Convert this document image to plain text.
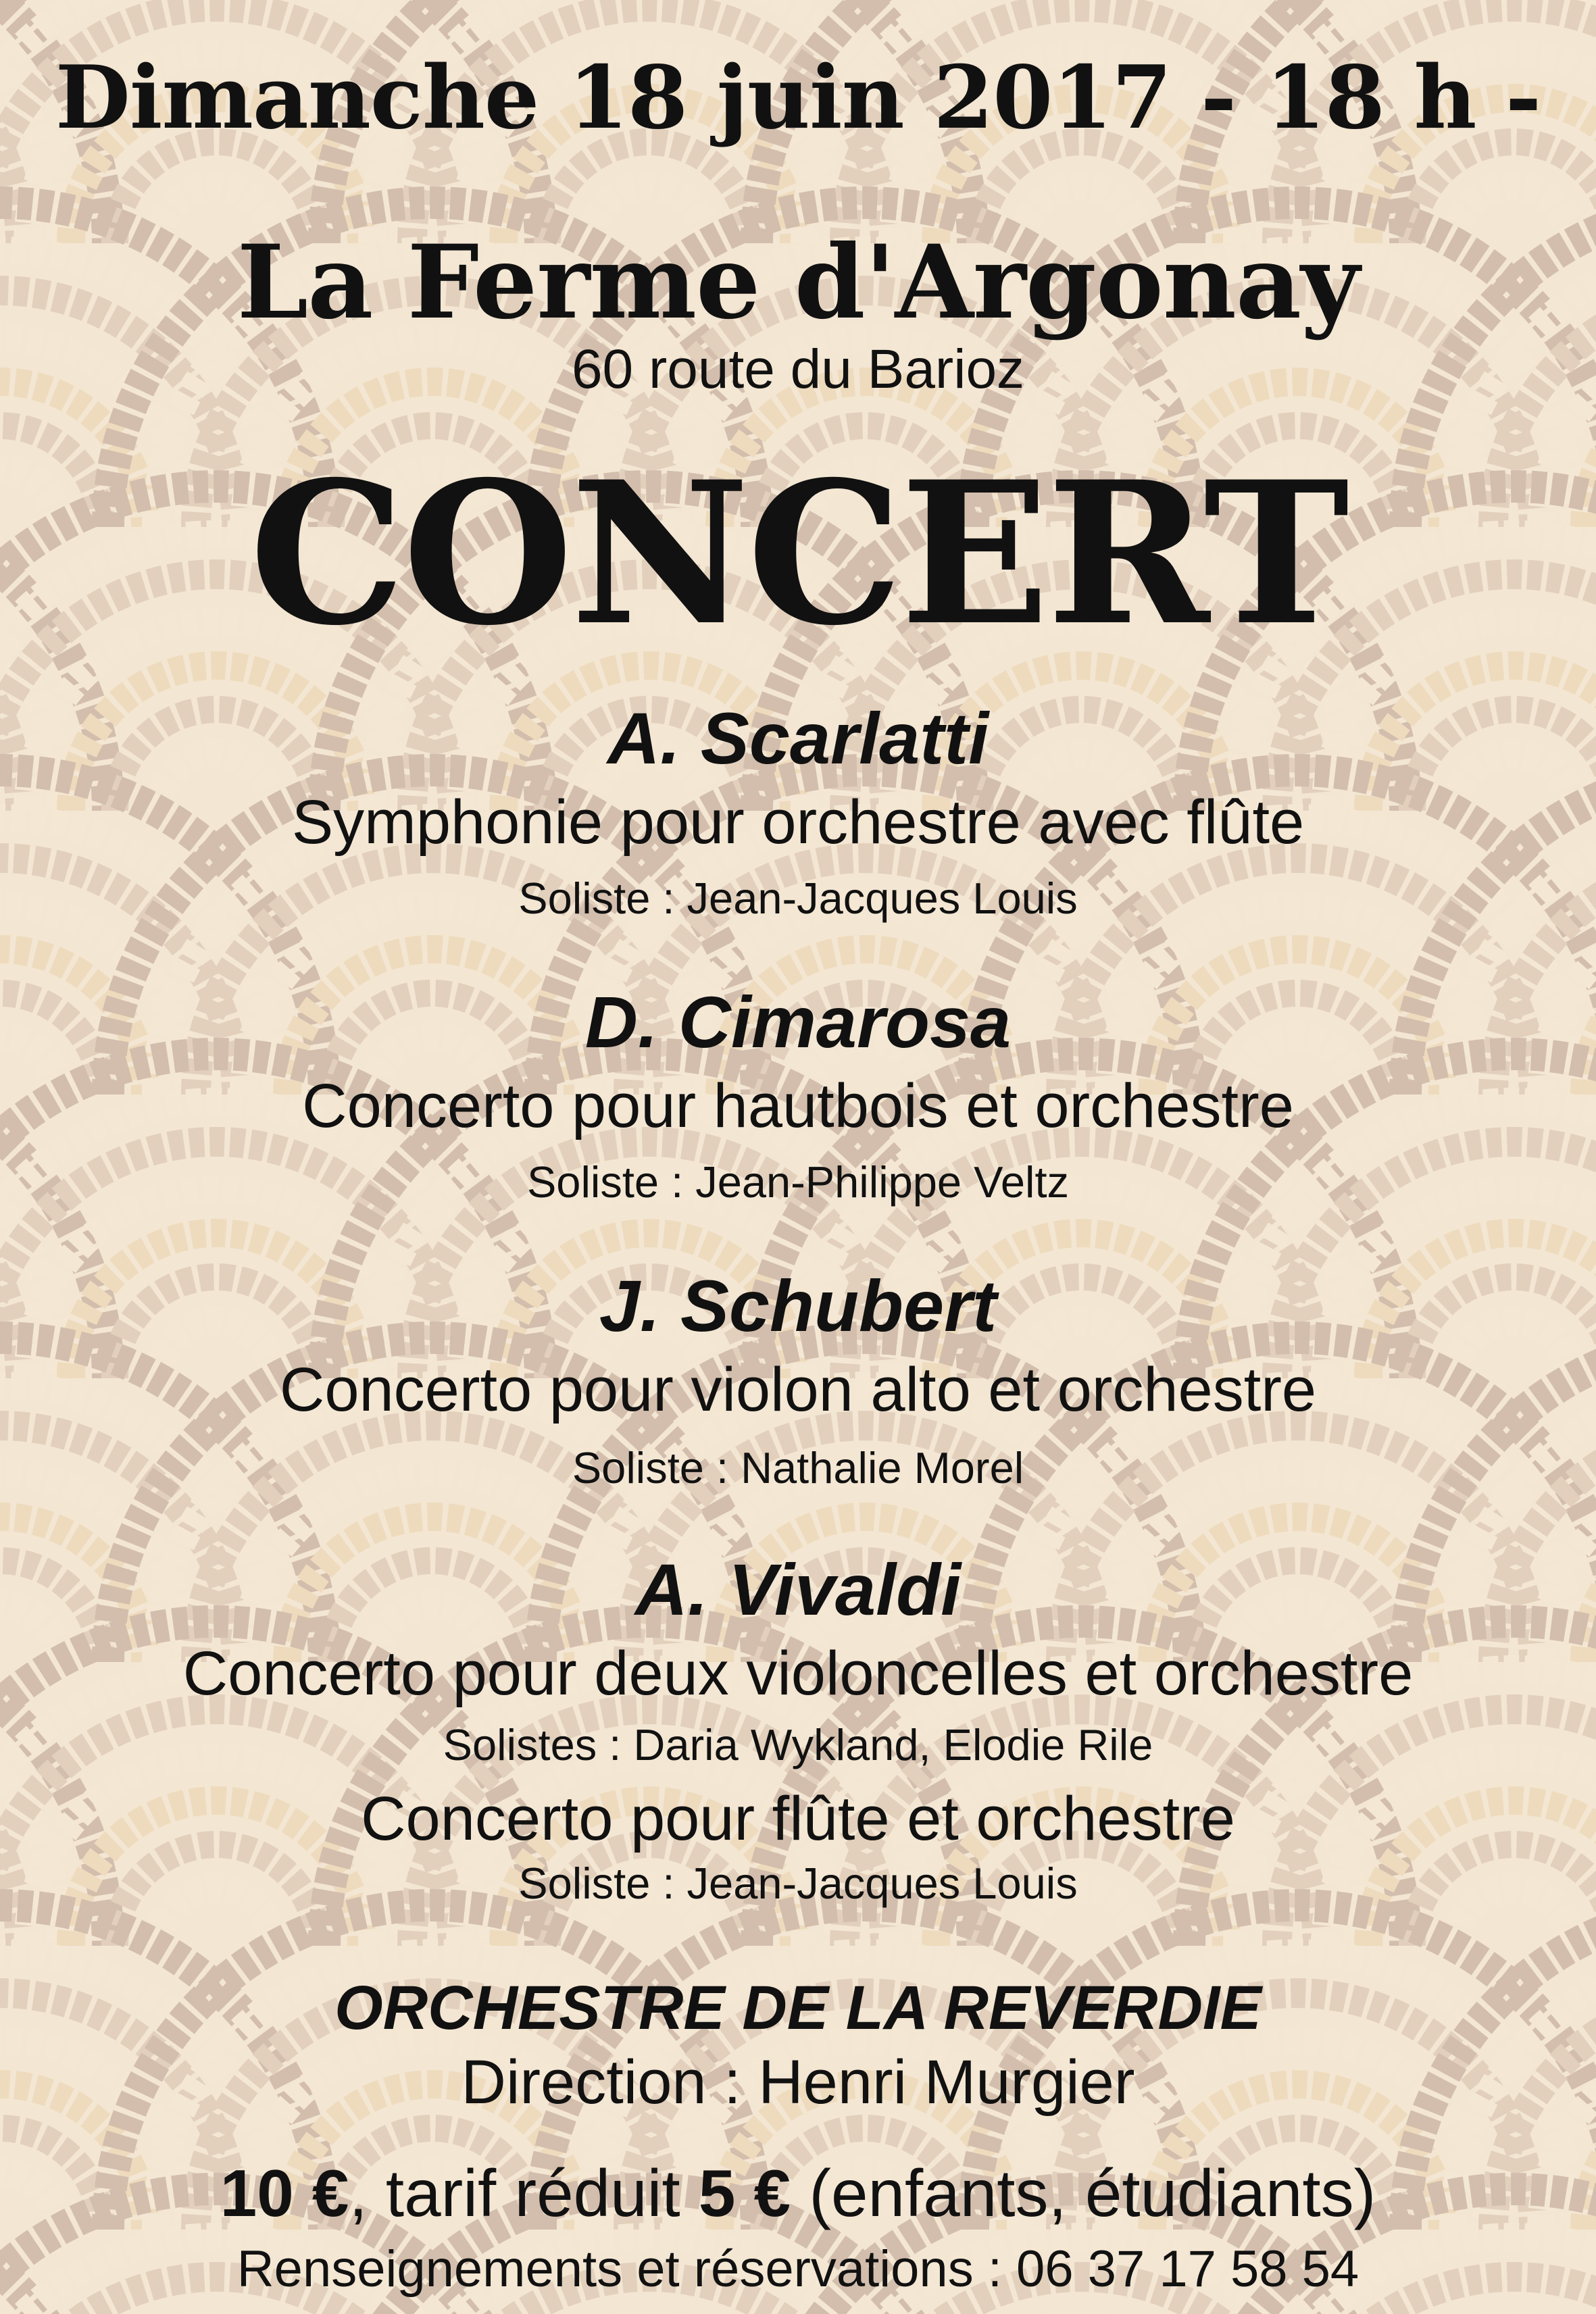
Dimanche 18 juin 2017 - 18 h -
La Ferme d'Argonay
60 route du Barioz
CONCERT
A. Scarlatti
Symphonie pour orchestre avec flûte
Soliste : Jean-Jacques Louis
D. Cimarosa
Concerto pour hautbois et orchestre
Soliste : Jean-Philippe Veltz
J. Schubert
Concerto pour violon alto et orchestre
Soliste : Nathalie Morel
A. Vivaldi
Concerto pour deux violoncelles et orchestre
Solistes : Daria Wykland, Elodie Rile
Concerto pour flûte et orchestre
Soliste : Jean-Jacques Louis
ORCHESTRE DE LA REVERDIE
Direction : Henri Murgier
10 €, tarif réduit 5 € (enfants, étudiants)
Renseignements et réservations : 06 37 17 58 54
